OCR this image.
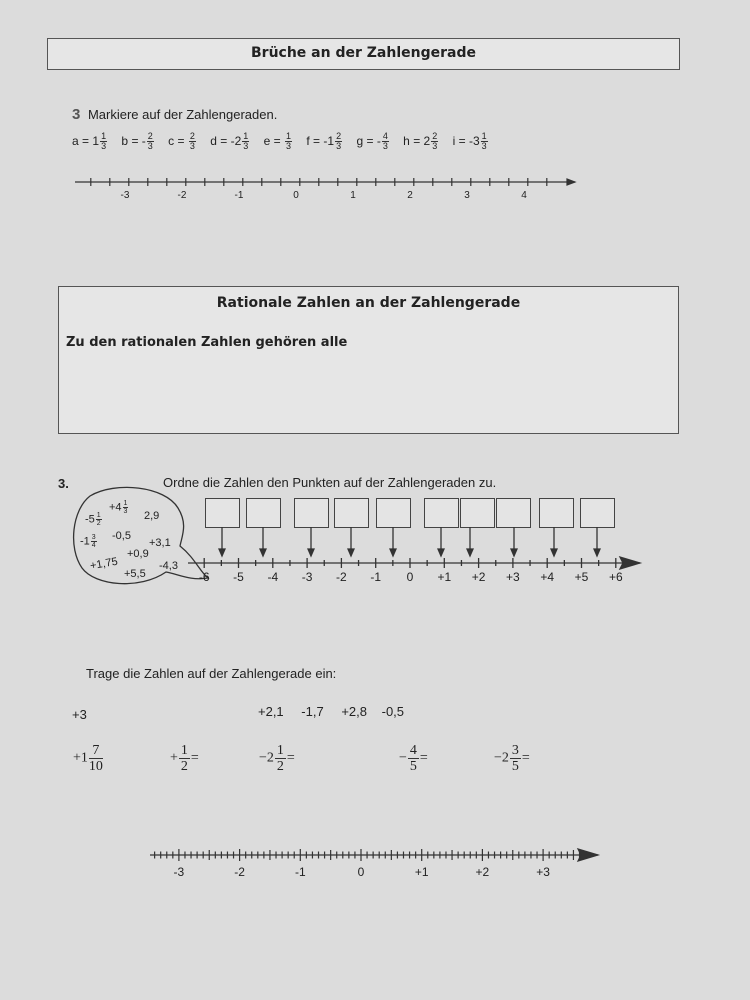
Brüche an der Zahlengerade
3 Markiere auf der Zahlengeraden.
$a = 1 \frac{1}{3}$ b = - $\frac{2}{3}$ $c = \frac{2}{3}$ $d = -2 \frac{1}{3}$ $e = \frac{1}{3}$ $f = -1 \frac{2}{3}$ g = - $\frac{4}{3}$ $h = 2 \frac{2}{3}$ $i = -3 \frac{1}{3}$
-3	-2	-1	0	1	2	3	4
Rationale Zahlen an der Zahlengerade
Zu den rationalen Zahlen gehören alle
3.	Ordne die Zahlen den Punkten auf der Zahlengeraden zu.
$-5 \frac{1}{2}$
$+4 \frac{1}{3}$
2,9
$-1 \frac{3}{4} -0,5$
+3,1
+1,75
+0,9
-4,3
+5,5	-6 -5 -4 -3 -2 -1 0 +1 +2 +3 +4 +5 +6
Trage die Zahlen auf der Zahlengerade ein:
+3	+2,1 -1,7 +2,8 -0,5
$+1 \frac{7}{10}$	+ $\frac{1}{2}$ =	$-2 \frac{1}{2}$ =	− $\frac{4}{5}$ =	$-2 \frac{3}{5}$ =
-3	-2	-1	0	+1	+2	+3
